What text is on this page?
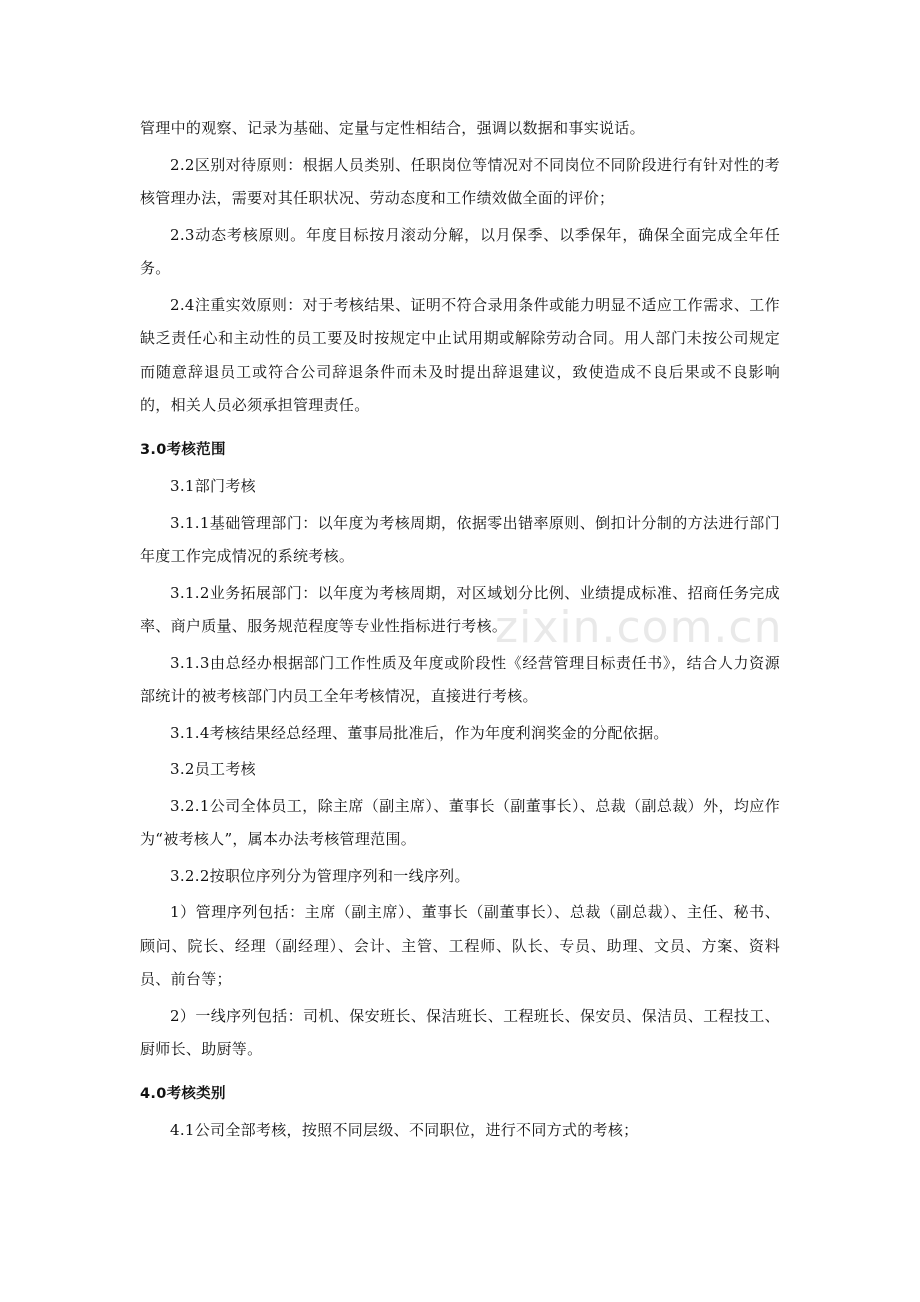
zixin.com.cn

管理中的观察、记录为基础、定量与定性相结合，强调以数据和事实说话。

2.2区别对待原则：根据人员类别、任职岗位等情况对不同岗位不同阶段进行有针对性的考核管理办法，需要对其任职状况、劳动态度和工作绩效做全面的评价；

2.3动态考核原则。年度目标按月滚动分解，以月保季、以季保年，确保全面完成全年任务。

2.4注重实效原则：对于考核结果、证明不符合录用条件或能力明显不适应工作需求、工作缺乏责任心和主动性的员工要及时按规定中止试用期或解除劳动合同。用人部门未按公司规定而随意辞退员工或符合公司辞退条件而未及时提出辞退建议，致使造成不良后果或不良影响的，相关人员必须承担管理责任。

3.0考核范围

3.1部门考核

3.1.1基础管理部门：以年度为考核周期，依据零出错率原则、倒扣计分制的方法进行部门年度工作完成情况的系统考核。

3.1.2业务拓展部门：以年度为考核周期，对区域划分比例、业绩提成标准、招商任务完成率、商户质量、服务规范程度等专业性指标进行考核。

3.1.3由总经办根据部门工作性质及年度或阶段性《经营管理目标责任书》，结合人力资源部统计的被考核部门内员工全年考核情况，直接进行考核。

3.1.4考核结果经总经理、董事局批准后，作为年度利润奖金的分配依据。

3.2员工考核

3.2.1公司全体员工，除主席（副主席）、董事长（副董事长）、总裁（副总裁）外，均应作为“被考核人”，属本办法考核管理范围。

3.2.2按职位序列分为管理序列和一线序列。

1）管理序列包括：主席（副主席）、董事长（副董事长）、总裁（副总裁）、主任、秘书、顾问、院长、经理（副经理）、会计、主管、工程师、队长、专员、助理、文员、方案、资料员、前台等；

2）一线序列包括：司机、保安班长、保洁班长、工程班长、保安员、保洁员、工程技工、厨师长、助厨等。

4.0考核类别

4.1公司全部考核，按照不同层级、不同职位，进行不同方式的考核；
